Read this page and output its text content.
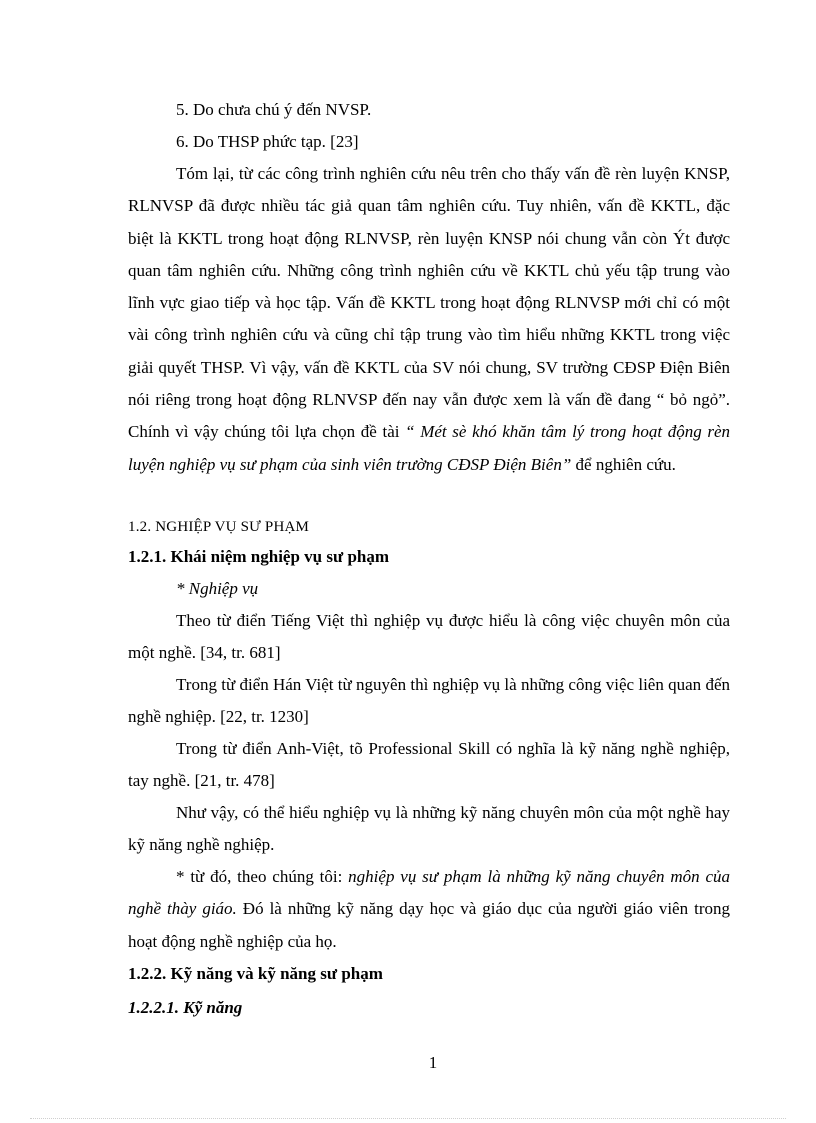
5. Do chưa chú ý đến NVSP.

6. Do THSP phức tạp. [23]

Tóm lại, từ các công trình nghiên cứu nêu trên cho thấy vấn đề rèn luyện KNSP, RLNVSP đã được nhiều tác giả quan tâm nghiên cứu. Tuy nhiên, vấn đề KKTL, đặc biệt là KKTL trong hoạt động RLNVSP, rèn luyện KNSP nói chung vẫn còn Ýt được quan tâm nghiên cứu. Những công trình nghiên cứu về KKTL chủ yếu tập trung vào lĩnh vực giao tiếp và học tập. Vấn đề KKTL trong hoạt động RLNVSP mới chỉ có một vài công trình nghiên cứu và cũng chỉ tập trung vào tìm hiểu những KKTL trong việc giải quyết THSP. Vì vậy, vấn đề KKTL của SV nói chung, SV trường CĐSP Điện Biên nói riêng trong hoạt động RLNVSP đến nay vẫn được xem là vấn đề đang “ bỏ ngỏ”. Chính vì vậy chúng tôi lựa chọn đề tài “ Mét sè khó khăn tâm lý trong hoạt động rèn luyện nghiệp vụ sư phạm của sinh viên trường CĐSP Điện Biên” để nghiên cứu.

1.2. NGHIỆP VỤ SƯ PHẠM

1.2.1. Khái niệm nghiệp vụ sư phạm

* Nghiệp vụ

Theo từ điển Tiếng Việt thì nghiệp vụ được hiểu là công việc chuyên môn của một nghề. [34, tr. 681]

Trong từ điển Hán Việt từ nguyên thì nghiệp vụ là những công việc liên quan đến nghề nghiệp. [22, tr. 1230]

Trong từ điển Anh-Việt, tõ Professional Skill có nghĩa là kỹ năng nghề nghiệp, tay nghề. [21, tr. 478]

Như vậy, có thể hiểu nghiệp vụ là những kỹ năng chuyên môn của một nghề hay kỹ năng nghề nghiệp.

* từ đó, theo chúng tôi: nghiệp vụ sư phạm là những kỹ năng chuyên môn của nghề thày giáo. Đó là những kỹ năng dạy học và giáo dục của người giáo viên trong hoạt động nghề nghiệp của họ.

1.2.2. Kỹ năng và kỹ năng sư phạm

1.2.2.1. Kỹ năng

1
